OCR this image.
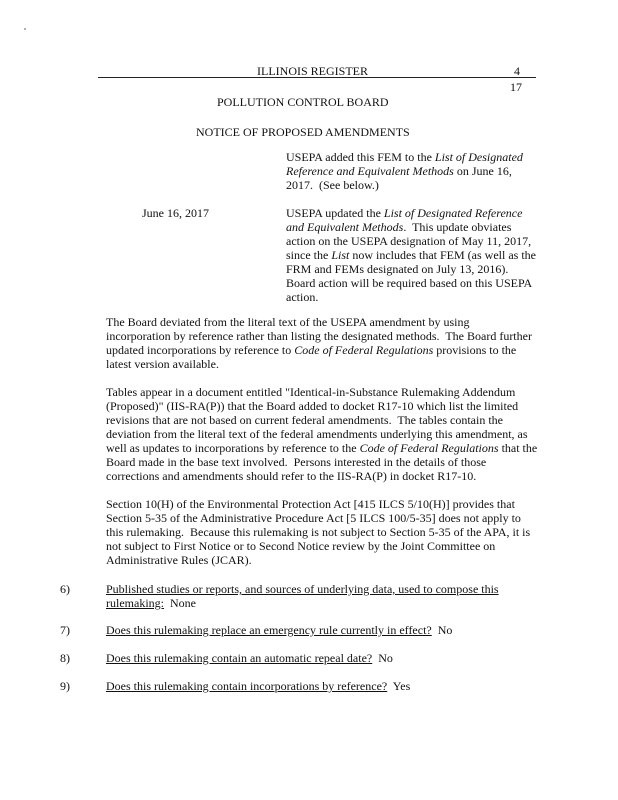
ILLINOIS REGISTER	4
17
POLLUTION CONTROL BOARD
NOTICE OF PROPOSED AMENDMENTS
USEPA added this FEM to the List of Designated
Reference and Equivalent Methods on June 16,
2017.  (See below.)
June 16, 2017	USEPA updated the List of Designated Reference
and Equivalent Methods.  This update obviates
action on the USEPA designation of May 11, 2017,
since the List now includes that FEM (as well as the
FRM and FEMs designated on July 13, 2016).
Board action will be required based on this USEPA
action.
The Board deviated from the literal text of the USEPA amendment by using
incorporation by reference rather than listing the designated methods.  The Board further
updated incorporations by reference to Code of Federal Regulations provisions to the
latest version available.
Tables appear in a document entitled "Identical-in-Substance Rulemaking Addendum
(Proposed)" (IIS-RA(P)) that the Board added to docket R17-10 which list the limited
revisions that are not based on current federal amendments.  The tables contain the
deviation from the literal text of the federal amendments underlying this amendment, as
well as updates to incorporations by reference to the Code of Federal Regulations that the
Board made in the base text involved.  Persons interested in the details of those
corrections and amendments should refer to the IIS-RA(P) in docket R17-10.
Section 10(H) of the Environmental Protection Act [415 ILCS 5/10(H)] provides that
Section 5-35 of the Administrative Procedure Act [5 ILCS 100/5-35] does not apply to
this rulemaking.  Because this rulemaking is not subject to Section 5-35 of the APA, it is
not subject to First Notice or to Second Notice review by the Joint Committee on
Administrative Rules (JCAR).
6)	Published studies or reports, and sources of underlying data, used to compose this
rulemaking:  None
7)	Does this rulemaking replace an emergency rule currently in effect?  No
8)	Does this rulemaking contain an automatic repeal date?  No
9)	Does this rulemaking contain incorporations by reference?  Yes
